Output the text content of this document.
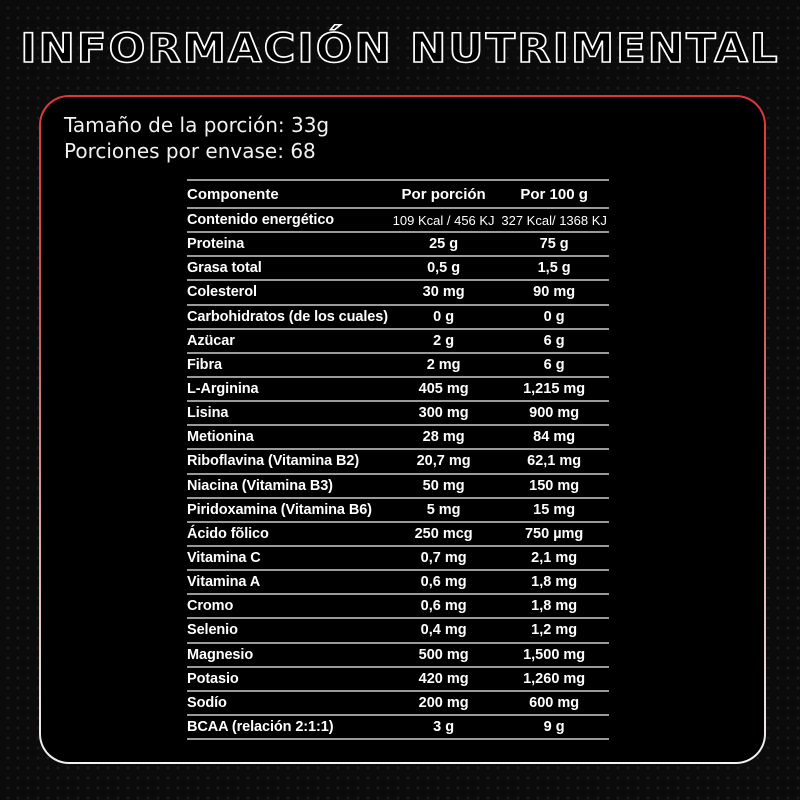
INFORMACIÓN NUTRIMENTAL
Tamaño de la porción: 33g
Porciones por envase: 68
Componente	Por porción	Por 100 g
Contenido energético	109 Kcal / 456 KJ	327 Kcal/ 1368 KJ
Proteina	25 g	75 g
Grasa total	0,5 g	1,5 g
Colesterol	30 mg	90 mg
Carbohidratos (de los cuales)	0 g	0 g
Azücar	2 g	6 g
Fibra	2 mg	6 g
L-Arginina	405 mg	1,215 mg
Lisina	300 mg	900 mg
Metionina	28 mg	84 mg
Riboflavina (Vitamina B2)	20,7 mg	62,1 mg
Niacina (Vitamina B3)	50 mg	150 mg
Piridoxamina (Vitamina B6)	5 mg	15 mg
Ácido fõlico	250 mcg	750 µmg
Vitamina C	0,7 mg	2,1 mg
Vitamina A	0,6 mg	1,8 mg
Cromo	0,6 mg	1,8 mg
Selenio	0,4 mg	1,2 mg
Magnesio	500 mg	1,500 mg
Potasio	420 mg	1,260 mg
Sodío	200 mg	600 mg
BCAA (relación 2:1:1)	3 g	9 g
